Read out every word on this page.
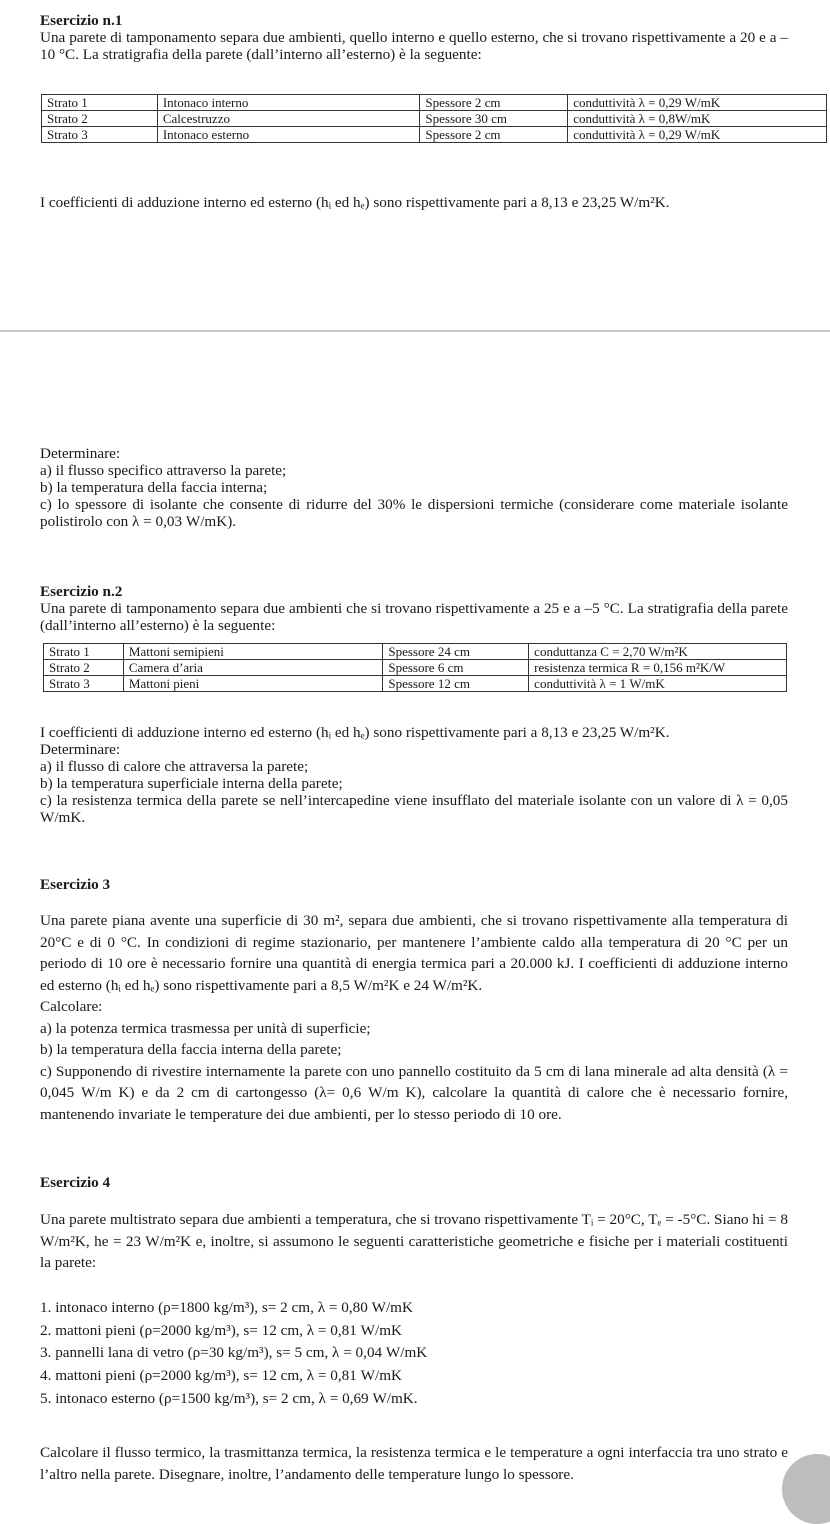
Esercizio n.1

Una parete di tamponamento separa due ambienti, quello interno e quello esterno, che si trovano rispettivamente a 20 e a –10 °C. La stratigrafia della parete (dall’interno all’esterno) è la seguente:

Strato 1	Intonaco interno	Spessore 2 cm	conduttività λ = 0,29 W/mK
Strato 2	Calcestruzzo	Spessore 30 cm	conduttività λ = 0,8W/mK
Strato 3	Intonaco esterno	Spessore 2 cm	conduttività λ = 0,29 W/mK

I coefficienti di adduzione interno ed esterno (hᵢ ed hₑ) sono rispettivamente pari a 8,13 e 23,25 W/m²K.

Determinare:

a) il flusso specifico attraverso la parete;

b) la temperatura della faccia interna;

c) lo spessore di isolante che consente di ridurre del 30% le dispersioni termiche (considerare come materiale isolante polistirolo con λ = 0,03 W/mK).

Esercizio n.2

Una parete di tamponamento separa due ambienti che si trovano rispettivamente a 25 e a –5 °C. La stratigrafia della parete (dall’interno all’esterno) è la seguente:

Strato 1	Mattoni semipieni	Spessore 24 cm	conduttanza C = 2,70 W/m²K
Strato 2	Camera d’aria	Spessore 6 cm	resistenza termica R = 0,156 m²K/W
Strato 3	Mattoni pieni	Spessore 12 cm	conduttività λ = 1 W/mK

I coefficienti di adduzione interno ed esterno (hᵢ ed hₑ) sono rispettivamente pari a 8,13 e 23,25 W/m²K.

Determinare:

a) il flusso di calore che attraversa la parete;

b) la temperatura superficiale interna della parete;

c) la resistenza termica della parete se nell’intercapedine viene insufflato del materiale isolante con un valore di λ = 0,05 W/mK.

Esercizio 3

Una parete piana avente una superficie di 30 m², separa due ambienti, che si trovano rispettivamente alla temperatura di 20°C e di 0 °C. In condizioni di regime stazionario, per mantenere l’ambiente caldo alla temperatura di 20 °C per un periodo di 10 ore è necessario fornire una quantità di energia termica pari a 20.000 kJ. I coefficienti di adduzione interno ed esterno (hᵢ ed hₑ) sono rispettivamente pari a 8,5 W/m²K e 24 W/m²K.

Calcolare:

a) la potenza termica trasmessa per unità di superficie;

b) la temperatura della faccia interna della parete;

c) Supponendo di rivestire internamente la parete con uno pannello costituito da 5 cm di lana minerale ad alta densità (λ = 0,045 W/m K) e da 2 cm di cartongesso (λ= 0,6 W/m K), calcolare la quantità di calore che è necessario fornire, mantenendo invariate le temperature dei due ambienti, per lo stesso periodo di 10 ore.

Esercizio 4

Una parete multistrato separa due ambienti a temperatura, che si trovano rispettivamente Tᵢ = 20°C, Tₑ = -5°C. Siano hi = 8 W/m²K, he = 23 W/m²K e, inoltre, si assumono le seguenti caratteristiche geometriche e fisiche per i materiali costituenti la parete:

1. intonaco interno (ρ=1800 kg/m³), s= 2 cm, λ = 0,80 W/mK

2. mattoni pieni (ρ=2000 kg/m³), s= 12 cm, λ = 0,81 W/mK

3. pannelli lana di vetro (ρ=30 kg/m³), s= 5 cm, λ = 0,04 W/mK

4. mattoni pieni (ρ=2000 kg/m³), s= 12 cm, λ = 0,81 W/mK

5. intonaco esterno (ρ=1500 kg/m³), s= 2 cm, λ = 0,69 W/mK.

Calcolare il flusso termico, la trasmittanza termica, la resistenza termica e le temperature a ogni interfaccia tra uno strato e l’altro nella parete. Disegnare, inoltre, l’andamento delle temperature lungo lo spessore.
